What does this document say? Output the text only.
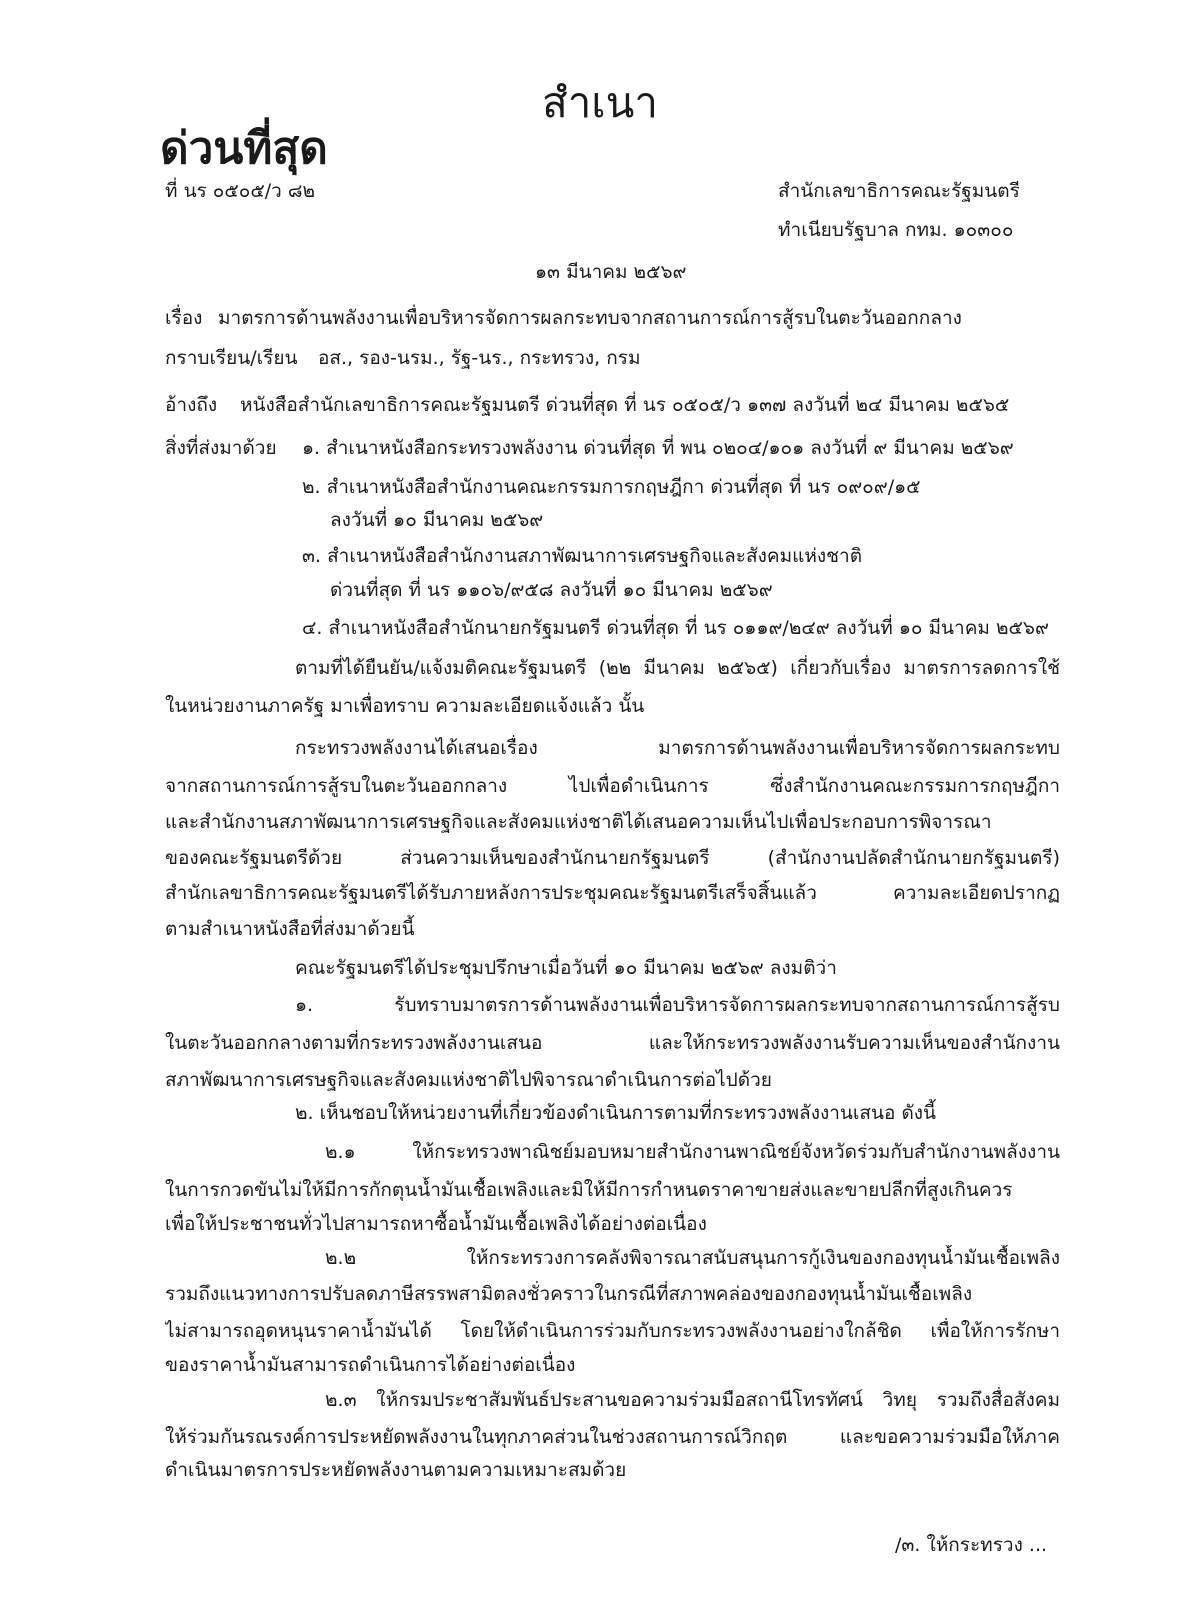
สำเนา
ด่วนที่สุด
ที่ นร ๐๕๐๕/ว ๘๒	สำนักเลขาธิการคณะรัฐมนตรี
ทำเนียบรัฐบาล กทม. ๑๐๓๐๐
๑๓ มีนาคม ๒๕๖๙
เรื่อง มาตรการด้านพลังงานเพื่อบริหารจัดการผลกระทบจากสถานการณ์การสู้รบในตะวันออกกลาง
กราบเรียน/เรียน อส., รอง-นรม., รัฐ-นร., กระทรวง, กรม
อ้างถึง หนังสือสำนักเลขาธิการคณะรัฐมนตรี ด่วนที่สุด ที่ นร ๐๕๐๕/ว ๑๓๗ ลงวันที่ ๒๔ มีนาคม ๒๕๖๕
สิ่งที่ส่งมาด้วย ๑. สำเนาหนังสือกระทรวงพลังงาน ด่วนที่สุด ที่ พน ๐๒๐๔/๑๐๑ ลงวันที่ ๙ มีนาคม ๒๕๖๙
๒. สำเนาหนังสือสำนักงานคณะกรรมการกฤษฎีกา ด่วนที่สุด ที่ นร ๐๙๐๙/๑๕
ลงวันที่ ๑๐ มีนาคม ๒๕๖๙
๓. สำเนาหนังสือสำนักงานสภาพัฒนาการเศรษฐกิจและสังคมแห่งชาติ
ด่วนที่สุด ที่ นร ๑๑๐๖/๙๕๘ ลงวันที่ ๑๐ มีนาคม ๒๕๖๙
๔. สำเนาหนังสือสำนักนายกรัฐมนตรี ด่วนที่สุด ที่ นร ๐๑๑๙/๒๔๙ ลงวันที่ ๑๐ มีนาคม ๒๕๖๙
ตามที่ได้ยืนยัน/แจ้งมติคณะรัฐมนตรี (๒๒ มีนาคม ๒๕๖๕) เกี่ยวกับเรื่อง มาตรการลดการใช้
ในหน่วยงานภาครัฐ มาเพื่อทราบ ความละเอียดแจ้งแล้ว นั้น
กระทรวงพลังงานได้เสนอเรื่อง มาตรการด้านพลังงานเพื่อบริหารจัดการผลกระทบ
จากสถานการณ์การสู้รบในตะวันออกกลาง ไปเพื่อดำเนินการ ซึ่งสำนักงานคณะกรรมการกฤษฎีกา
และสำนักงานสภาพัฒนาการเศรษฐกิจและสังคมแห่งชาติได้เสนอความเห็นไปเพื่อประกอบการพิจารณา
ของคณะรัฐมนตรีด้วย ส่วนความเห็นของสำนักนายกรัฐมนตรี (สำนักงานปลัดสำนักนายกรัฐมนตรี)
สำนักเลขาธิการคณะรัฐมนตรีได้รับภายหลังการประชุมคณะรัฐมนตรีเสร็จสิ้นแล้ว ความละเอียดปรากฏ
ตามสำเนาหนังสือที่ส่งมาด้วยนี้
คณะรัฐมนตรีได้ประชุมปรึกษาเมื่อวันที่ ๑๐ มีนาคม ๒๕๖๙ ลงมติว่า
๑. รับทราบมาตรการด้านพลังงานเพื่อบริหารจัดการผลกระทบจากสถานการณ์การสู้รบ
ในตะวันออกกลางตามที่กระทรวงพลังงานเสนอ และให้กระทรวงพลังงานรับความเห็นของสำนักงาน
สภาพัฒนาการเศรษฐกิจและสังคมแห่งชาติไปพิจารณาดำเนินการต่อไปด้วย
๒. เห็นชอบให้หน่วยงานที่เกี่ยวข้องดำเนินการตามที่กระทรวงพลังงานเสนอ ดังนี้
๒.๑ ให้กระทรวงพาณิชย์มอบหมายสำนักงานพาณิชย์จังหวัดร่วมกับสำนักงานพลังงาน
ในการกวดขันไม่ให้มีการกักตุนน้ำมันเชื้อเพลิงและมิให้มีการกำหนดราคาขายส่งและขายปลีกที่สูงเกินควร
เพื่อให้ประชาชนทั่วไปสามารถหาซื้อน้ำมันเชื้อเพลิงได้อย่างต่อเนื่อง
๒.๒ ให้กระทรวงการคลังพิจารณาสนับสนุนการกู้เงินของกองทุนน้ำมันเชื้อเพลิง
รวมถึงแนวทางการปรับลดภาษีสรรพสามิตลงชั่วคราวในกรณีที่สภาพคล่องของกองทุนน้ำมันเชื้อเพลิง
ไม่สามารถอุดหนุนราคาน้ำมันได้ โดยให้ดำเนินการร่วมกับกระทรวงพลังงานอย่างใกล้ชิด เพื่อให้การรักษา
ของราคาน้ำมันสามารถดำเนินการได้อย่างต่อเนื่อง
๒.๓ ให้กรมประชาสัมพันธ์ประสานขอความร่วมมือสถานีโทรทัศน์ วิทยุ รวมถึงสื่อสังคม
ให้ร่วมกันรณรงค์การประหยัดพลังงานในทุกภาคส่วนในช่วงสถานการณ์วิกฤต และขอความร่วมมือให้ภาค
ดำเนินมาตรการประหยัดพลังงานตามความเหมาะสมด้วย
/๓. ให้กระทรวง ...
